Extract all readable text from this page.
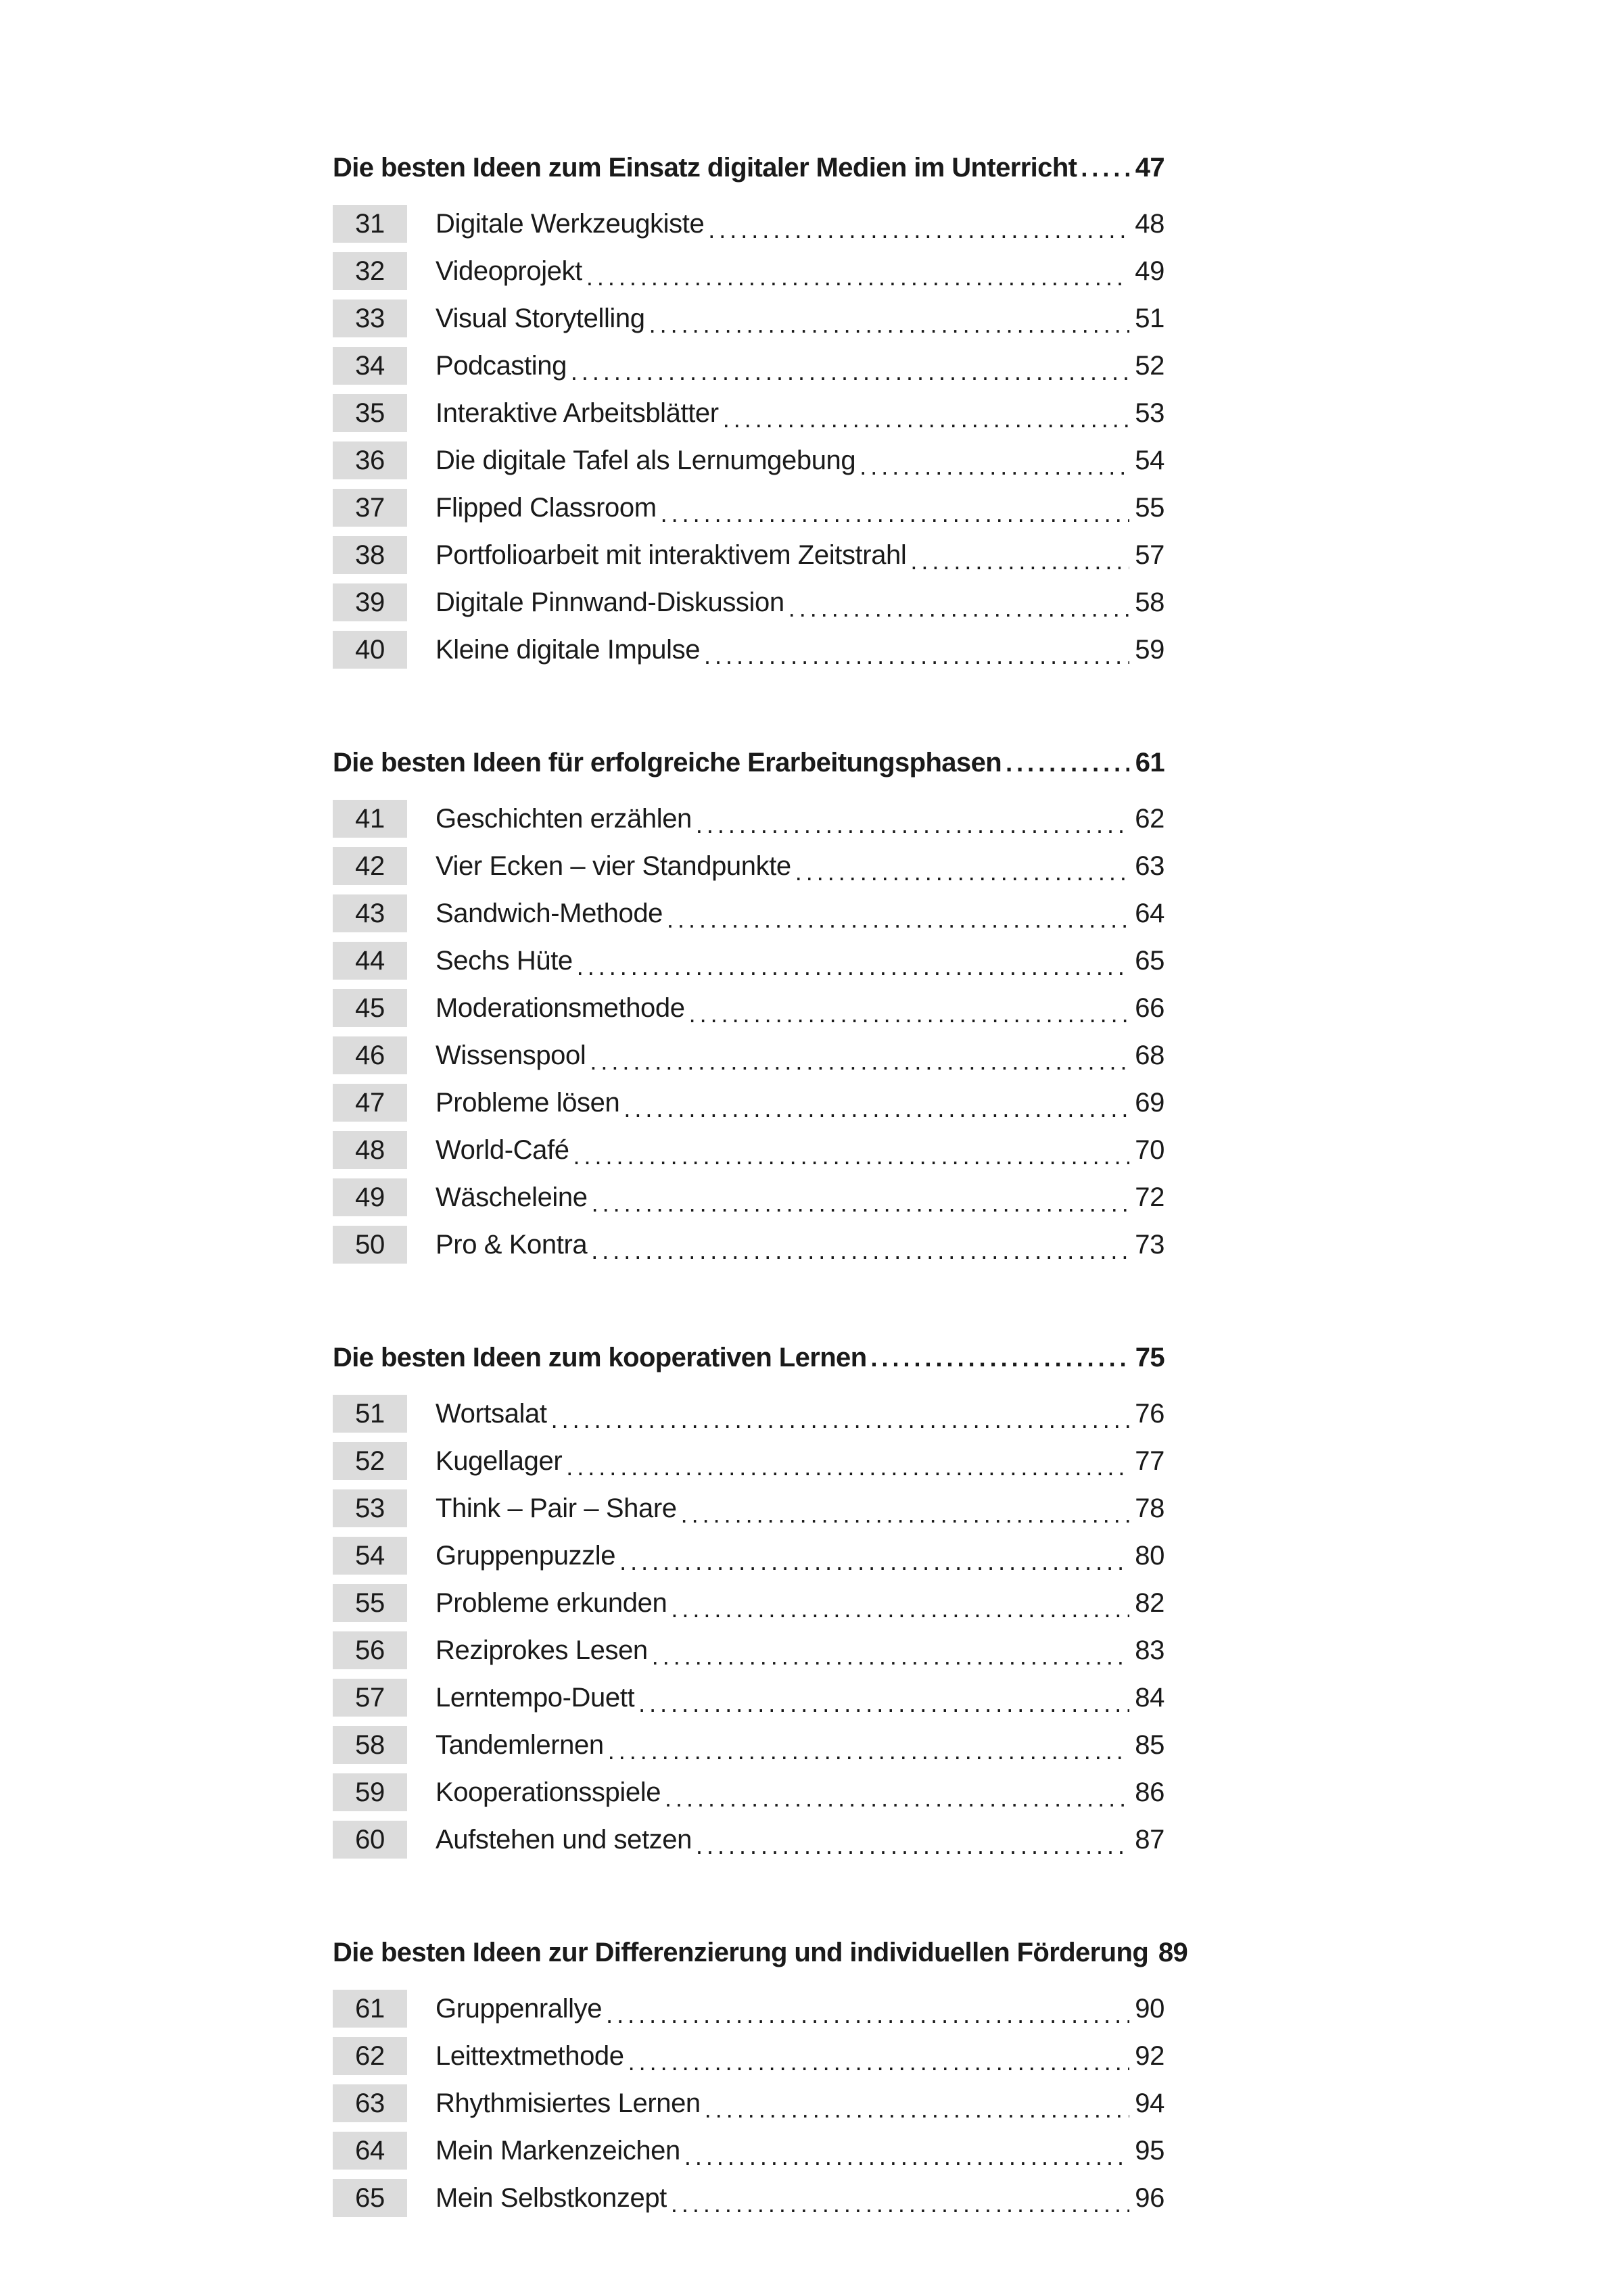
Die besten Ideen zum Einsatz digitaler Medien im Unterricht ..... 47
31	Digitale Werkzeugkiste .....	48
32	Videoprojekt .....	49
33	Visual Storytelling .....	51
34	Podcasting .....	52
35	Interaktive Arbeitsblätter .....	53
36	Die digitale Tafel als Lernumgebung .....	54
37	Flipped Classroom .....	55
38	Portfolioarbeit mit interaktivem Zeitstrahl .....	57
39	Digitale Pinnwand-Diskussion .....	58
40	Kleine digitale Impulse .....	59
Die besten Ideen für erfolgreiche Erarbeitungsphasen .....	61
41	Geschichten erzählen .....	62
42	Vier Ecken – vier Standpunkte .....	63
43	Sandwich-Methode .....	64
44	Sechs Hüte .....	65
45	Moderationsmethode .....	66
46	Wissenspool .....	68
47	Probleme lösen .....	69
48	World-Café .....	70
49	Wäscheleine .....	72
50	Pro & Kontra .....	73
Die besten Ideen zum kooperativen Lernen .....	75
51	Wortsalat .....	76
52	Kugellager .....	77
53	Think – Pair – Share .....	78
54	Gruppenpuzzle .....	80
55	Probleme erkunden .....	82
56	Reziprokes Lesen .....	83
57	Lerntempo-Duett .....	84
58	Tandemlernen .....	85
59	Kooperationsspiele .....	86
60	Aufstehen und setzen .....	87
Die besten Ideen zur Differenzierung und individuellen Förderung 89
61	Gruppenrallye .....	90
62	Leittextmethode .....	92
63	Rhythmisiertes Lernen .....	94
64	Mein Markenzeichen .....	95
65	Mein Selbstkonzept .....	96
